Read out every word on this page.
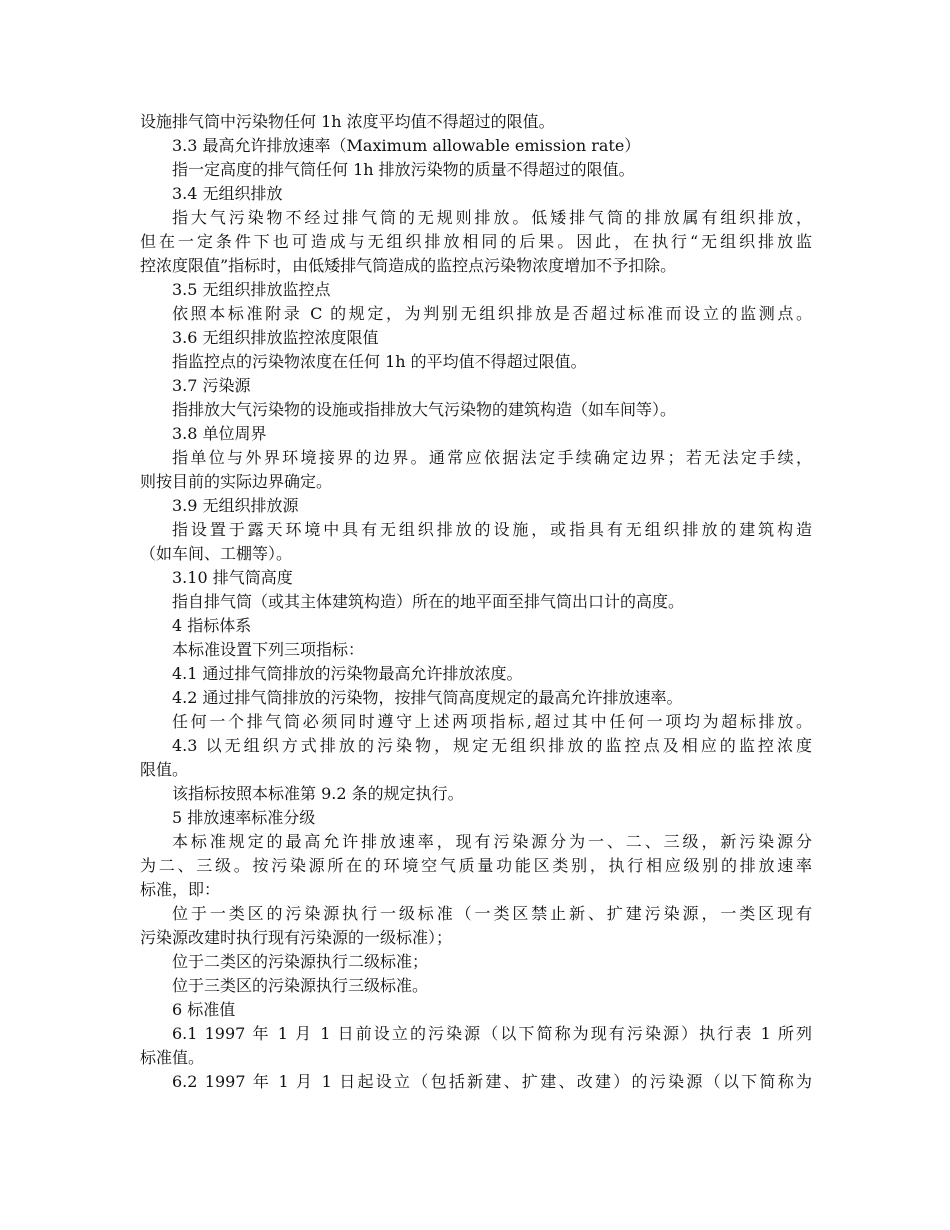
设施排气筒中污染物任何 1h 浓度平均值不得超过的限值。

3.3 最高允许排放速率（Maximum allowable emission rate）

指一定高度的排气筒任何 1h 排放污染物的质量不得超过的限值。

3.4 无组织排放

指大气污染物不经过排气筒的无规则排放。低矮排气筒的排放属有组织排放，

但在一定条件下也可造成与无组织排放相同的后果。因此，在执行“无组织排放监

控浓度限值”指标时，由低矮排气筒造成的监控点污染物浓度增加不予扣除。

3.5 无组织排放监控点

依照本标准附录 C 的规定，为判别无组织排放是否超过标准而设立的监测点。

3.6 无组织排放监控浓度限值

指监控点的污染物浓度在任何 1h 的平均值不得超过限值。

3.7 污染源

指排放大气污染物的设施或指排放大气污染物的建筑构造（如车间等）。

3.8 单位周界

指单位与外界环境接界的边界。通常应依据法定手续确定边界；若无法定手续，

则按目前的实际边界确定。

3.9 无组织排放源

指设置于露天环境中具有无组织排放的设施，或指具有无组织排放的建筑构造

（如车间、工棚等）。

3.10 排气筒高度

指自排气筒（或其主体建筑构造）所在的地平面至排气筒出口计的高度。

4 指标体系

本标准设置下列三项指标：

4.1 通过排气筒排放的污染物最高允许排放浓度。

4.2 通过排气筒排放的污染物，按排气筒高度规定的最高允许排放速率。

任何一个排气筒必须同时遵守上述两项指标,超过其中任何一项均为超标排放。

4.3 以无组织方式排放的污染物，规定无组织排放的监控点及相应的监控浓度

限值。

该指标按照本标准第 9.2 条的规定执行。

5 排放速率标准分级

本标准规定的最高允许排放速率，现有污染源分为一、二、三级，新污染源分

为二、三级。按污染源所在的环境空气质量功能区类别，执行相应级别的排放速率

标准，即：

位于一类区的污染源执行一级标准（一类区禁止新、扩建污染源，一类区现有

污染源改建时执行现有污染源的一级标准）；

位于二类区的污染源执行二级标准；

位于三类区的污染源执行三级标准。

6 标准值

6.1 1997 年 1 月 1 日前设立的污染源（以下简称为现有污染源）执行表 1 所列

标准值。

6.2 1997 年 1 月 1 日起设立（包括新建、扩建、改建）的污染源（以下简称为
